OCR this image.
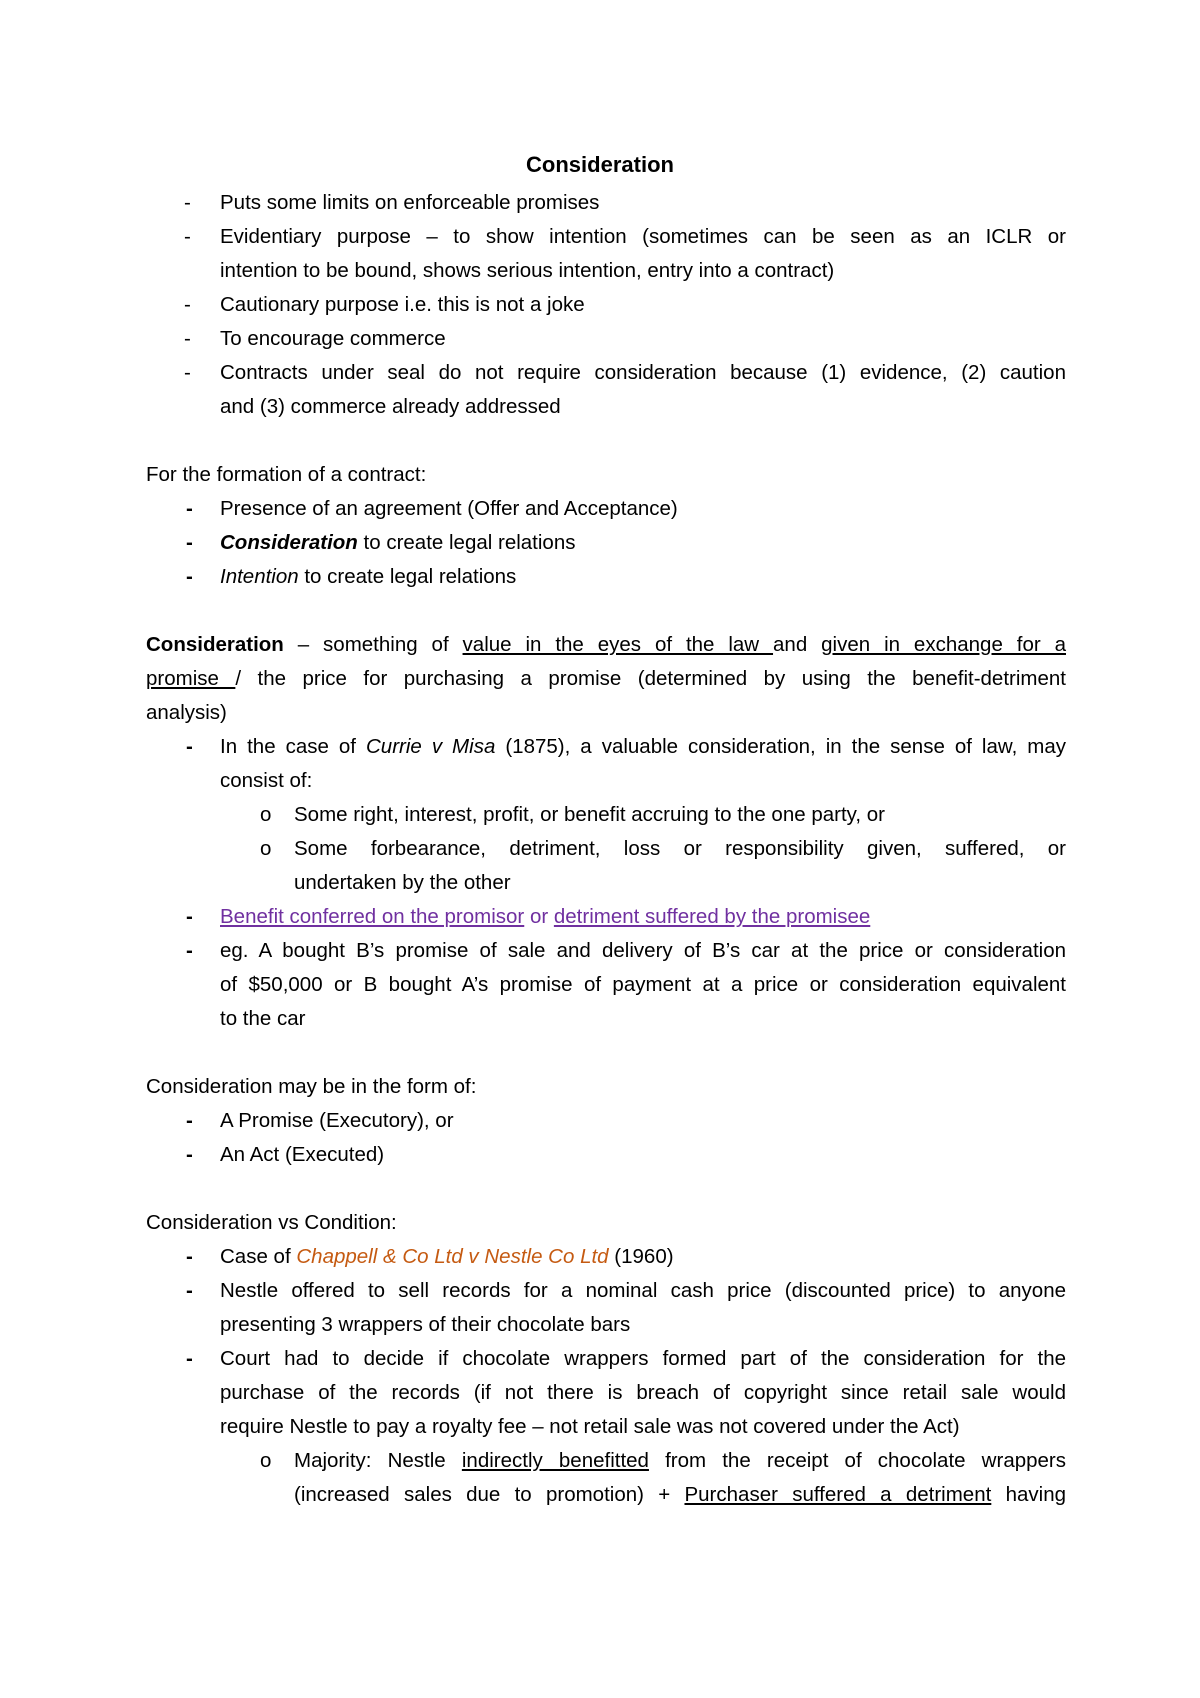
Consideration
- Puts some limits on enforceable promises
- Evidentiary purpose – to show intention (sometimes can be seen as an ICLR or
intention to be bound, shows serious intention, entry into a contract)
- Cautionary purpose i.e. this is not a joke
- To encourage commerce
- Contracts under seal do not require consideration because (1) evidence, (2) caution
and (3) commerce already addressed
For the formation of a contract:
- Presence of an agreement (Offer and Acceptance)
- Consideration to create legal relations
- Intention to create legal relations
Consideration – something of value in the eyes of the law and given in exchange for a
promise / the price for purchasing a promise (determined by using the benefit-detriment
analysis)
- In the case of Currie v Misa (1875), a valuable consideration, in the sense of law, may
consist of:
o Some right, interest, profit, or benefit accruing to the one party, or
o Some forbearance, detriment, loss or responsibility given, suffered, or
undertaken by the other
- Benefit conferred on the promisor or detriment suffered by the promisee
- eg. A bought B’s promise of sale and delivery of B’s car at the price or consideration
of $50,000 or B bought A’s promise of payment at a price or consideration equivalent
to the car
Consideration may be in the form of:
- A Promise (Executory), or
- An Act (Executed)
Consideration vs Condition:
- Case of Chappell & Co Ltd v Nestle Co Ltd (1960)
- Nestle offered to sell records for a nominal cash price (discounted price) to anyone
presenting 3 wrappers of their chocolate bars
- Court had to decide if chocolate wrappers formed part of the consideration for the
purchase of the records (if not there is breach of copyright since retail sale would
require Nestle to pay a royalty fee – not retail sale was not covered under the Act)
o Majority: Nestle indirectly benefitted from the receipt of chocolate wrappers
(increased sales due to promotion) + Purchaser suffered a detriment having
